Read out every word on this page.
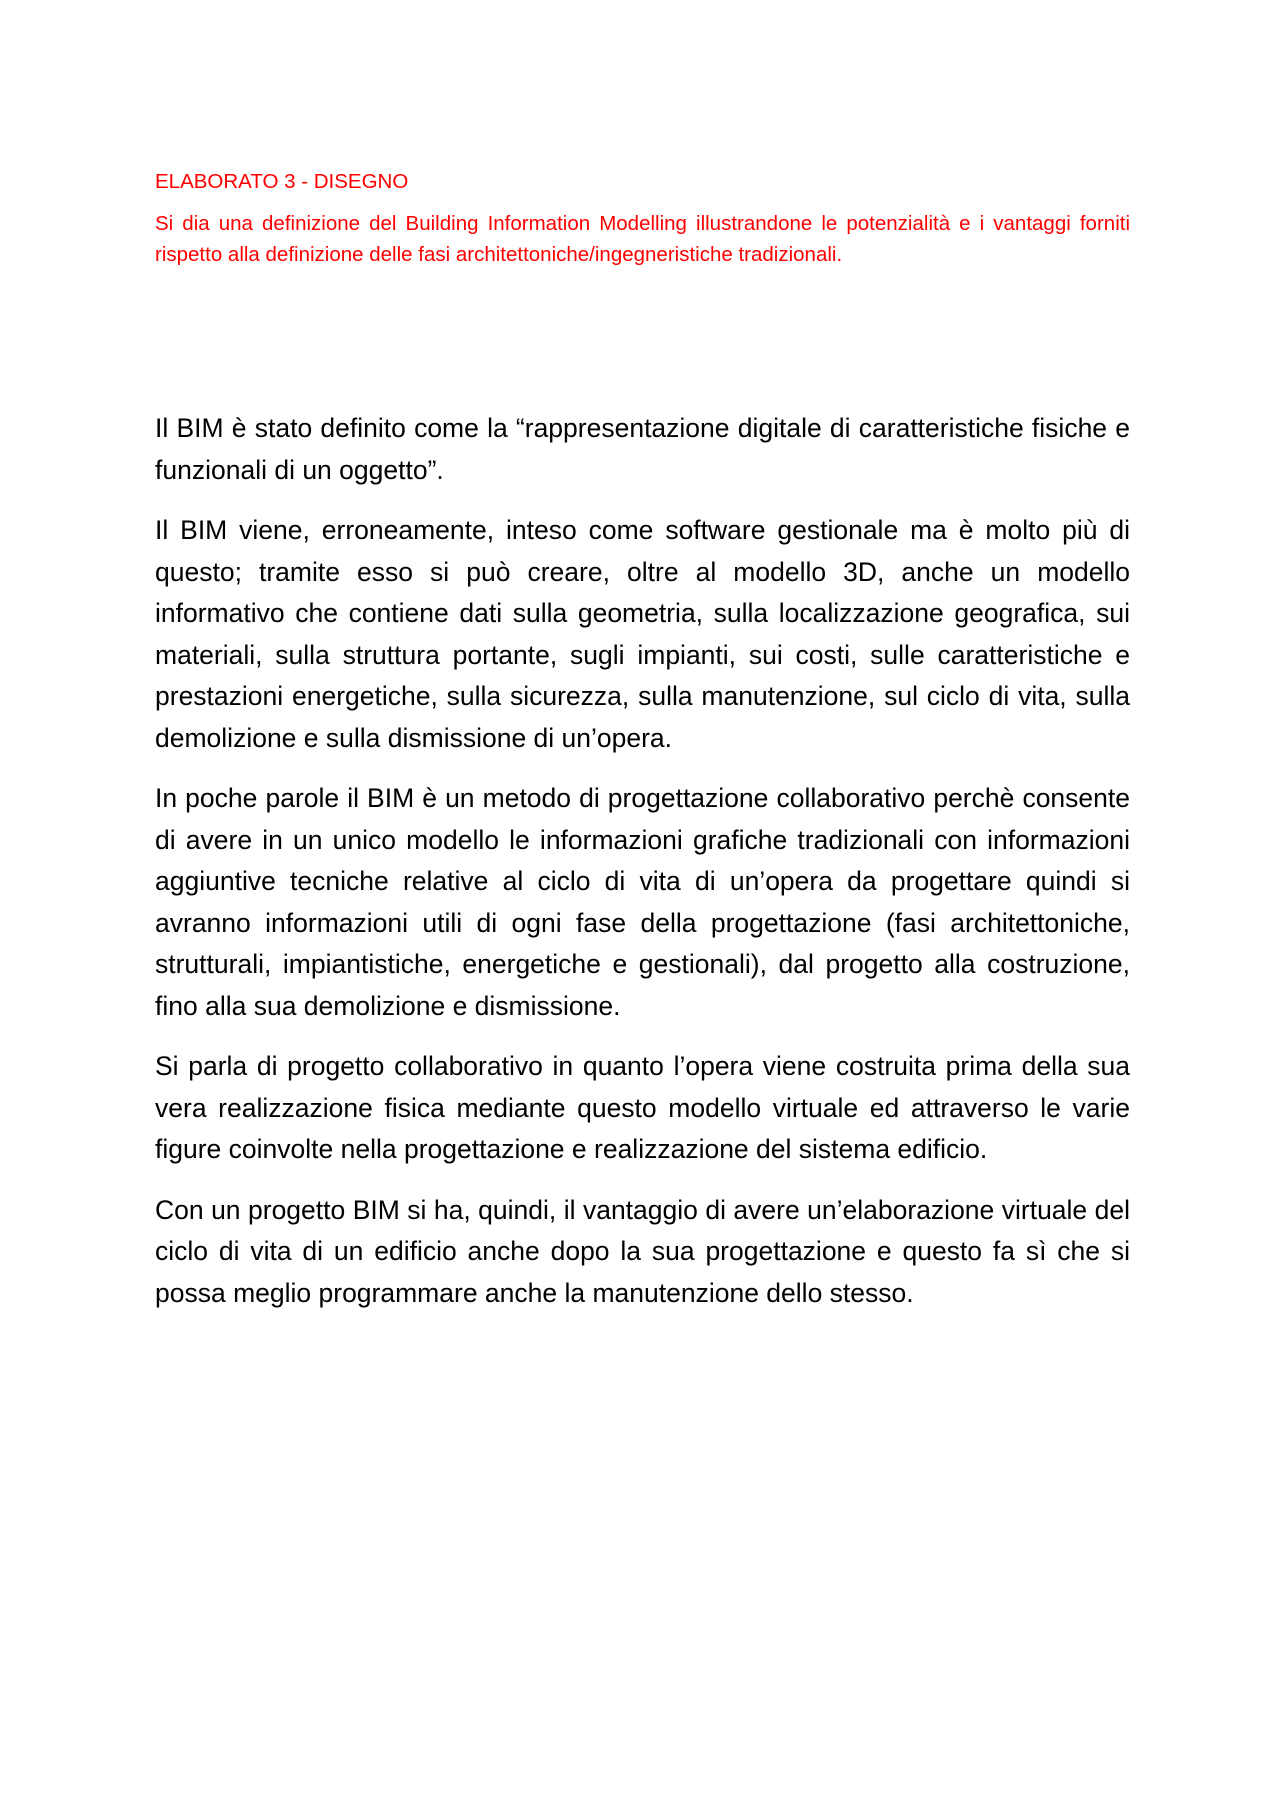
ELABORATO 3 - DISEGNO

Si dia una definizione del Building Information Modelling illustrandone le potenzialità e i vantaggi forniti rispetto alla definizione delle fasi architettoniche/ingegneristiche tradizionali.

Il BIM è stato definito come la “rappresentazione digitale di caratteristiche fisiche e funzionali di un oggetto”.

Il BIM viene, erroneamente, inteso come software gestionale ma è molto più di questo; tramite esso si può creare, oltre al modello 3D, anche un modello informativo che contiene dati sulla geometria, sulla localizzazione geografica, sui materiali, sulla struttura portante, sugli impianti, sui costi, sulle caratteristiche e prestazioni energetiche, sulla sicurezza, sulla manutenzione, sul ciclo di vita, sulla demolizione e sulla dismissione di un’opera.

In poche parole il BIM è un metodo di progettazione collaborativo perchè consente di avere in un unico modello le informazioni grafiche tradizionali con informazioni aggiuntive tecniche relative al ciclo di vita di un’opera da progettare quindi si avranno informazioni utili di ogni fase della progettazione (fasi architettoniche, strutturali, impiantistiche, energetiche e gestionali), dal progetto alla costruzione, fino alla sua demolizione e dismissione.

Si parla di progetto collaborativo in quanto l’opera viene costruita prima della sua vera realizzazione fisica mediante questo modello virtuale ed attraverso le varie figure coinvolte nella progettazione e realizzazione del sistema edificio.

Con un progetto BIM si ha, quindi, il vantaggio di avere un’elaborazione virtuale del ciclo di vita di un edificio anche dopo la sua progettazione e questo fa sì che si possa meglio programmare anche la manutenzione dello stesso.
